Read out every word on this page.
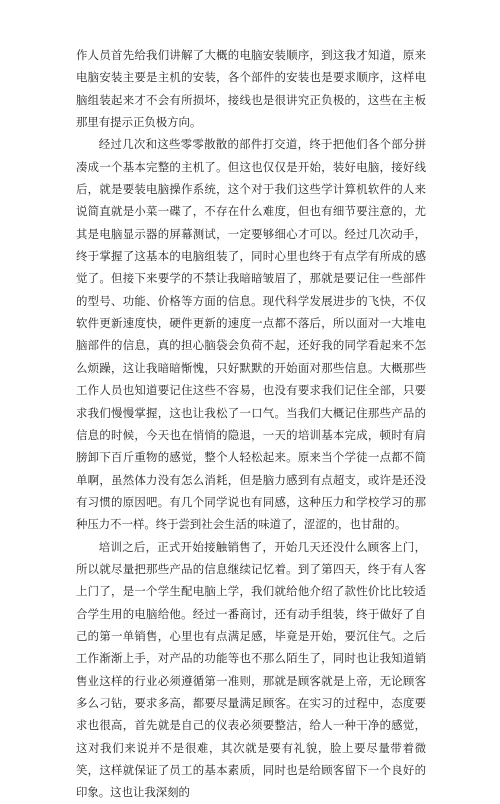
作人员首先给我们讲解了大概的电脑安装顺序，到这我才知道，原来电脑安装主要是主机的安装，各个部件的安装也是要求顺序，这样电脑组装起来才不会有所损坏，接线也是很讲究正负极的，这些在主板那里有提示正负极方向。

经过几次和这些零零散散的部件打交道，终于把他们各个部分拼凑成一个基本完整的主机了。但这也仅仅是开始，装好电脑，接好线后，就是要装电脑操作系统，这个对于我们这些学计算机软件的人来说简直就是小菜一碟了，不存在什么难度，但也有细节要注意的，尤其是电脑显示器的屏幕测试，一定要够细心才可以。经过几次动手，终于掌握了这基本的电脑组装了，同时心里也终于有点学有所成的感觉了。但接下来要学的不禁让我暗暗皱眉了，那就是要记住一些部件的型号、功能、价格等方面的信息。现代科学发展进步的飞快，不仅软件更新速度快，硬件更新的速度一点都不落后，所以面对一大堆电脑部件的信息，真的担心脑袋会负荷不起，还好我的同学看起来不怎么烦躁，这让我暗暗惭愧，只好默默的开始面对那些信息。大概那些工作人员也知道要记住这些不容易，也没有要求我们记住全部，只要求我们慢慢掌握，这也让我松了一口气。当我们大概记住那些产品的信息的时候，今天也在悄悄的隐退，一天的培训基本完成，顿时有肩膀卸下百斤重物的感觉，整个人轻松起来。原来当个学徒一点都不简单啊，虽然体力没有怎么消耗，但是脑力感到有点超支，或许是还没有习惯的原因吧。有几个同学说也有同感，这种压力和学校学习的那种压力不一样。终于尝到社会生活的味道了，涩涩的，也甘甜的。

培训之后，正式开始接触销售了，开始几天还没什么顾客上门，所以就尽量把那些产品的信息继续记忆着。到了第四天，终于有人客上门了，是一个学生配电脑上学，我们就给他介绍了款性价比比较适合学生用的电脑给他。经过一番商讨，还有动手组装，终于做好了自己的第一单销售，心里也有点满足感，毕竟是开始，要沉住气。之后工作渐渐上手，对产品的功能等也不那么陌生了，同时也让我知道销售业这样的行业必须遵循第一准则，那就是顾客就是上帝，无论顾客多么刁钻，要求多高，都要尽量满足顾客。在实习的过程中，态度要求也很高，首先就是自己的仪表必须要整洁，给人一种干净的感觉，这对我们来说并不是很难，其次就是要有礼貌，脸上要尽量带着微笑，这样就保证了员工的基本素质，同时也是给顾客留下一个良好的印象。这也让我深刻的
